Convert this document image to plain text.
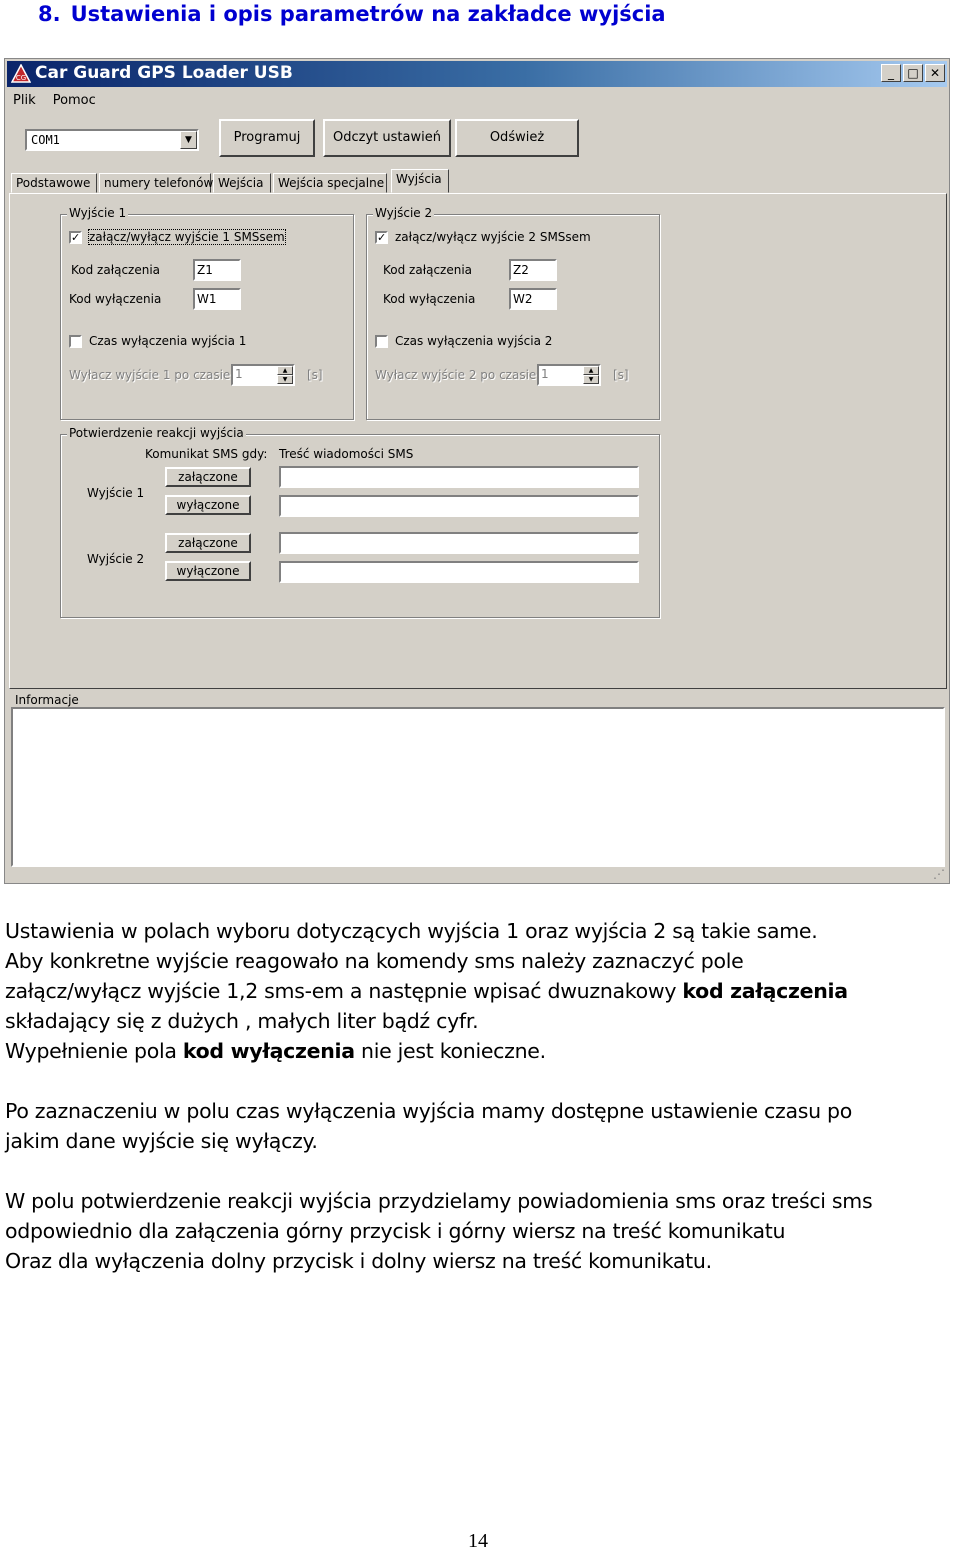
8. Ustawienia i opis parametrów na zakładce wyjścia
CG Car Guard GPS Loader USB	_	□ ✕
Plik Pomoc
COM1	▼	Programuj	Odczyt ustawień	Odśwież
Podstawowe	numery telefonów Wejścia	Wejścia specjalne Wyjścia
Wyjście 1
✓ załącz/wyłącz wyjście 1 SMSsem
Kod załączenia	Z1
Kod wyłączenia	W1
Czas wyłączenia wyjścia 1
Wyłacz wyjście 1 po czasie 1	▲
▼	[s]
Wyjście 2
✓ załącz/wyłącz wyjście 2 SMSsem
Kod załączenia	Z2
Kod wyłączenia	W2
Czas wyłączenia wyjścia 2
Wyłacz wyjście 2 po czasie 1	▲
▼	[s]
Potwierdzenie reakcji wyjścia
Komunikat SMS gdy: Treść wiadomości SMS
Wyjście 1
załączone
wyłączone
Wyjście 2
załączone
wyłączone
Informacje
⋰

Ustawienia w polach wyboru dotyczących wyjścia 1 oraz wyjścia 2 są takie same.
Aby konkretne wyjście reagowało na komendy sms należy zaznaczyć pole
załącz/wyłącz wyjście 1,2 sms-em a następnie wpisać dwuznakowy kod załączenia
składający się z dużych , małych liter bądź cyfr.
Wypełnienie pola kod wyłączenia nie jest konieczne.

Po zaznaczeniu w polu czas wyłączenia wyjścia mamy dostępne ustawienie czasu po
jakim dane wyjście się wyłączy.

W polu potwierdzenie reakcji wyjścia przydzielamy powiadomienia sms oraz treści sms
odpowiednio dla załączenia górny przycisk i górny wiersz na treść komunikatu
Oraz dla wyłączenia dolny przycisk i dolny wiersz na treść komunikatu.

14
